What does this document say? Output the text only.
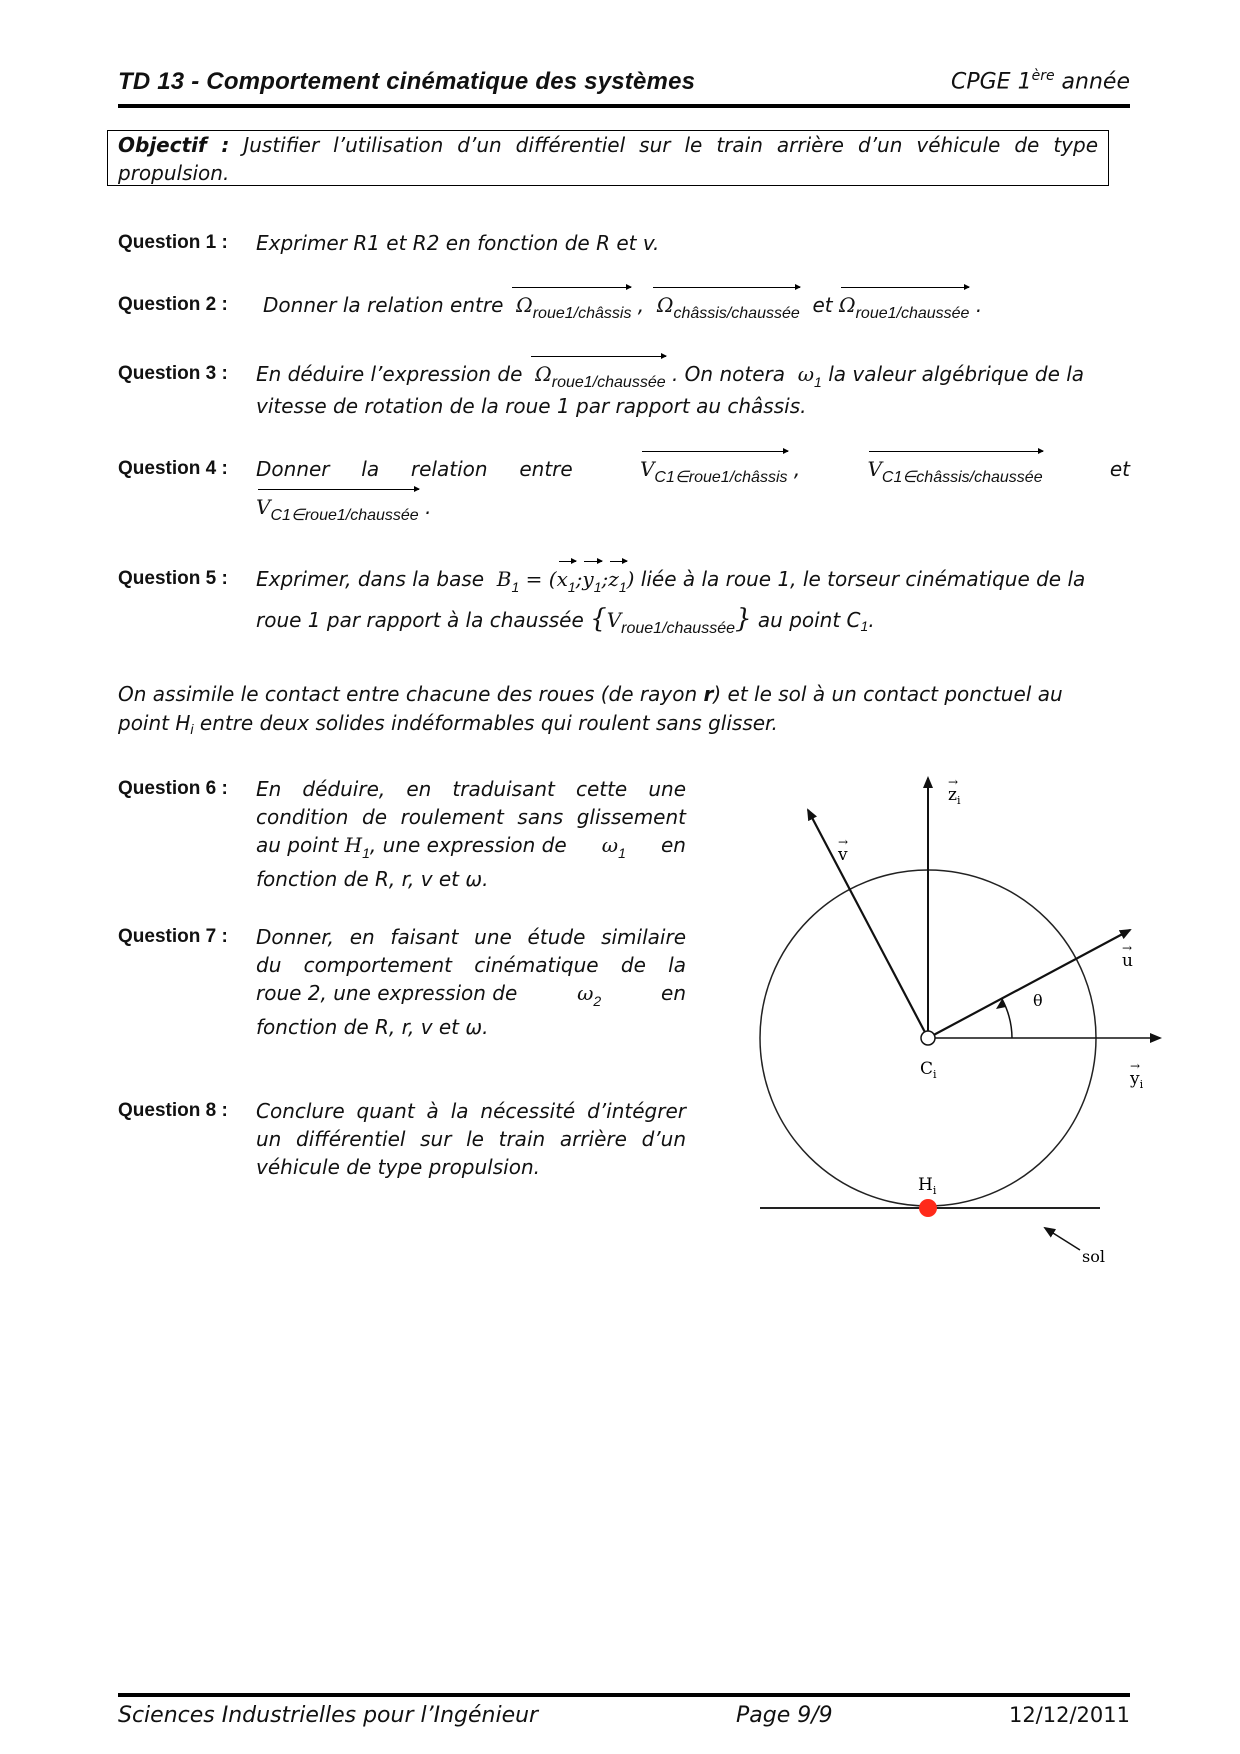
TD 13 - Comportement cinématique des systèmes	CPGE 1ère année
Objectif : Justifier l’utilisation d’un différentiel sur le train arrière d’un véhicule de type propulsion.
Question 1 : Exprimer R1 et R2 en fonction de R et v.
Question 2 : Donner la relation entre  $\Omega_{roue1/châssis}$ ,  $\Omega_{châssis/chaussée}$ et $\Omega_{roue1/chaussée}$ .
Question 3 : En déduire l’expression de  $\Omega_{roue1/chaussée}$ . On notera  $\omega_1$ la valeur algébrique de la
vitesse de rotation de la roue 1 par rapport au châssis.
Question 4 : Donner     la     relation     entre	$V_{C1\in roue1/châssis}$ ,	$V_{C1\in châssis/chaussée}$	et
$V_{C1\in roue1/chaussée}$ .
Question 5 : Exprimer, dans la base  $B_1$ = $(x_1;y_1;z_1)$ liée à la roue 1, le torseur cinématique de la
roue 1 par rapport à la chaussée $\{V_{roue1/chaussée}\}$ au point $C_1$.
On assimile le contact entre chacune des roues (de rayon r) et le sol à un contact ponctuel au
point $H_i$ entre deux solides indéformables qui roulent sans glisser.
Question 6 : En déduire, en traduisant cette une
condition de roulement sans glissement
au point $H_1$, une expression de $\omega_1$ en
fonction de R, r, v et ω.
Question 7 : Donner, en faisant une étude similaire
du comportement cinématique de la
roue 2, une expression de	$\omega_2$	en
fonction de R, r, v et ω.
Question 8 : Conclure quant à la nécessité d’intégrer
un différentiel sur le train arrière d’un
véhicule de type propulsion.
$z_i$
→
v
→
u
→
$y_i$
→
θ
$C_i$
$H_i$
sol
Sciences Industrielles pour l’Ingénieur	Page 9/9	12/12/2011
